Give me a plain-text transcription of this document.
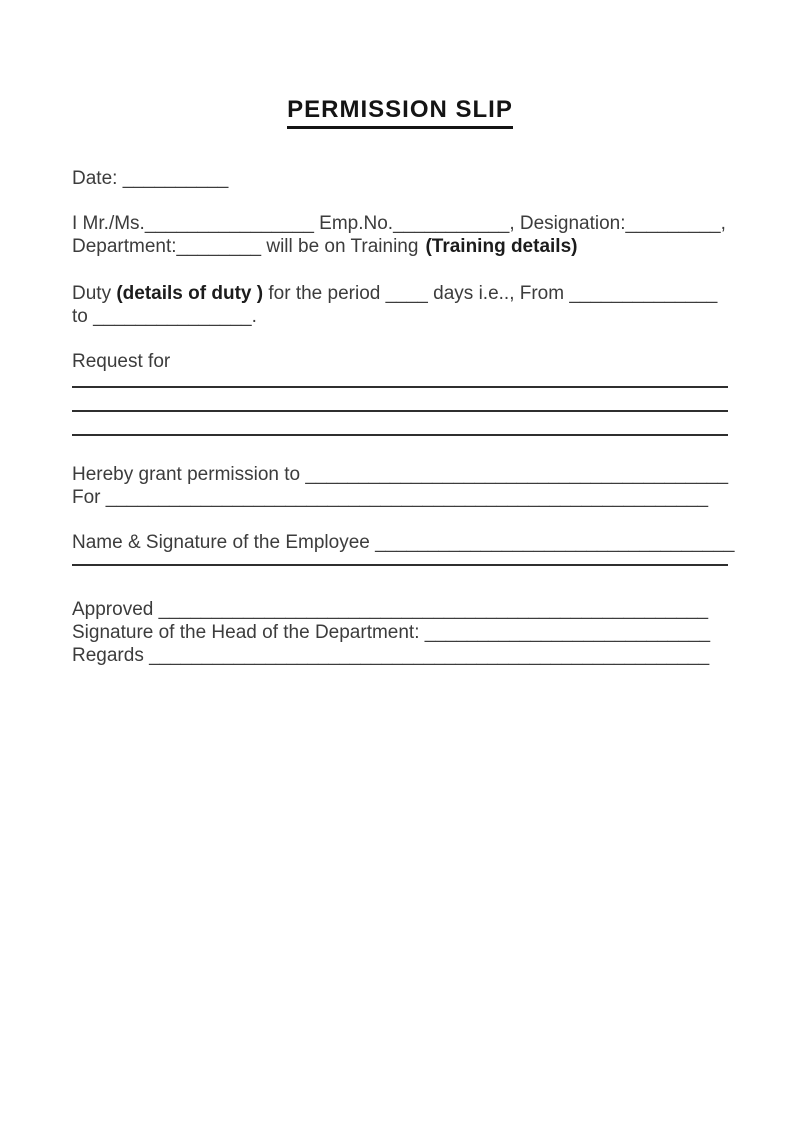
PERMISSION SLIP
Date: __________
I Mr./Ms.________________ Emp.No.___________, Designation:_________,
Department:________ will be on Training (Training details)
Duty (details of duty ) for the period ____ days i.e.., From ______________
to _______________.
Request for
Hereby grant permission to ________________________________________
For _________________________________________________________
Name & Signature of the Employee __________________________________
Approved ____________________________________________________
Signature of the Head of the Department: ___________________________
Regards _____________________________________________________
